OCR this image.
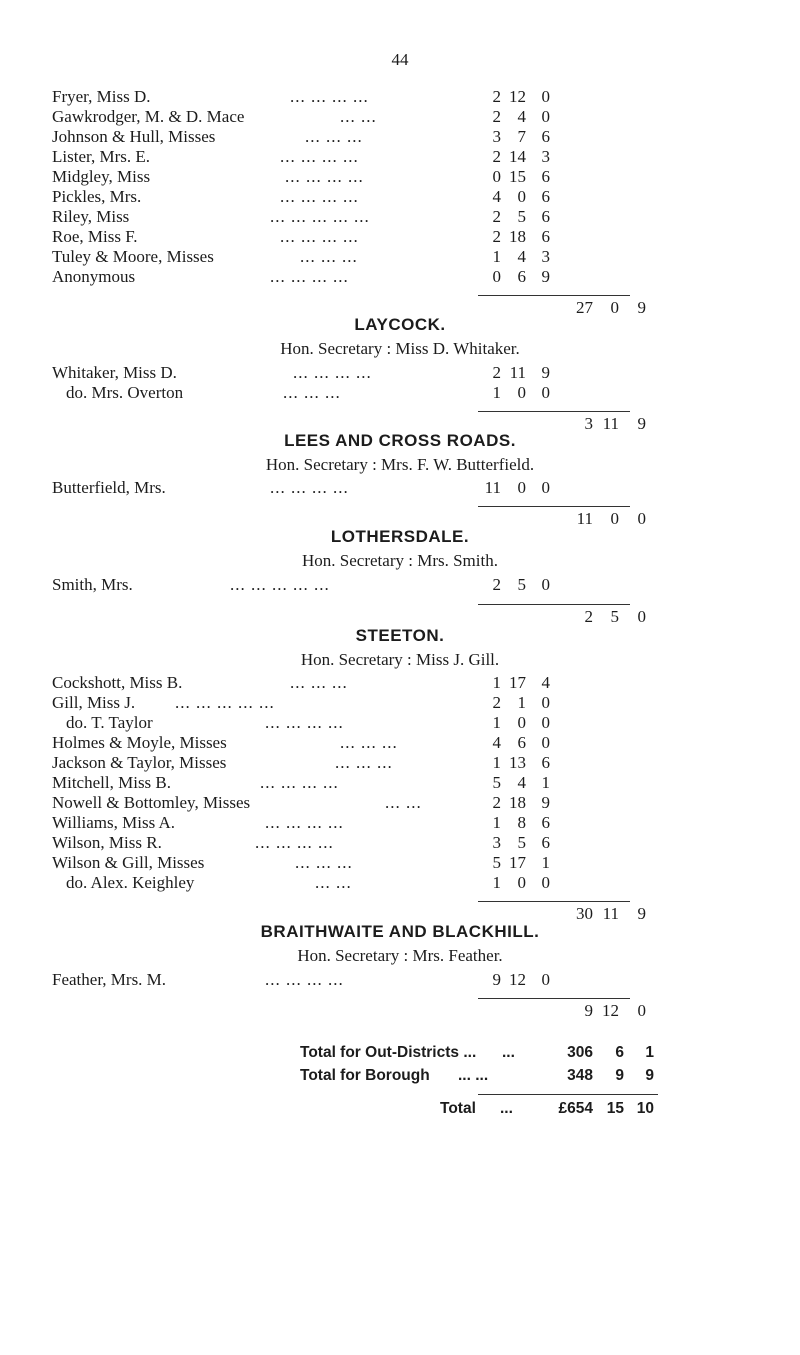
44
Fryer, Miss D.	... ... ... ...	2 12 0
Gawkrodger, M. & D. Mace	... ...	2 4 0
Johnson & Hull, Misses	... ... ...	3 7 6
Lister, Mrs. E.	... ... ... ...	2 14 3
Midgley, Miss	... ... ... ...	0 15 6
Pickles, Mrs.	... ... ... ...	4 0 6
Riley, Miss	... ... ... ... ...	2 5 6
Roe, Miss F.	... ... ... ...	2 18 6
Tuley & Moore, Misses	... ... ...	1 4 3
Anonymous	... ... ... ...	0 6 9
27	0	9
LAYCOCK.
Hon. Secretary : Miss D. Whitaker.
Whitaker, Miss D.	... ... ... ...	2 11 9
do. Mrs. Overton	... ... ...	1 0 0
3 11	9
LEES AND CROSS ROADS.
Hon. Secretary : Mrs. F. W. Butterfield.
Butterfield, Mrs.	... ... ... ...	11 0 0
11	0	0
LOTHERSDALE.
Hon. Secretary : Mrs. Smith.
Smith, Mrs.	... ... ... ... ...	2 5 0
2	5	0
STEETON.
Hon. Secretary : Miss J. Gill.
Cockshott, Miss B.	... ... ...	1 17 4
Gill, Miss J. ... ... ... ... ...	2 1 0
do. T. Taylor	... ... ... ...	1 0 0
Holmes & Moyle, Misses	... ... ...	4 6 0
Jackson & Taylor, Misses	... ... ...	1 13 6
Mitchell, Miss B.	... ... ... ...	5 4 1
Nowell & Bottomley, Misses	... ...	2 18 9
Williams, Miss A.	... ... ... ...	1 8 6
Wilson, Miss R.	... ... ... ...	3 5 6
Wilson & Gill, Misses	... ... ...	5 17 1
do. Alex. Keighley	... ...	1 0 0
30 11	9
BRAITHWAITE AND BLACKHILL.
Hon. Secretary : Mrs. Feather.
Feather, Mrs. M.	... ... ... ...	9 12 0
9 12	0
Total for Out-Districts ... ...	306	6	1
Total for Borough ... ...	348	9	9
Total ...	£654 15 10
